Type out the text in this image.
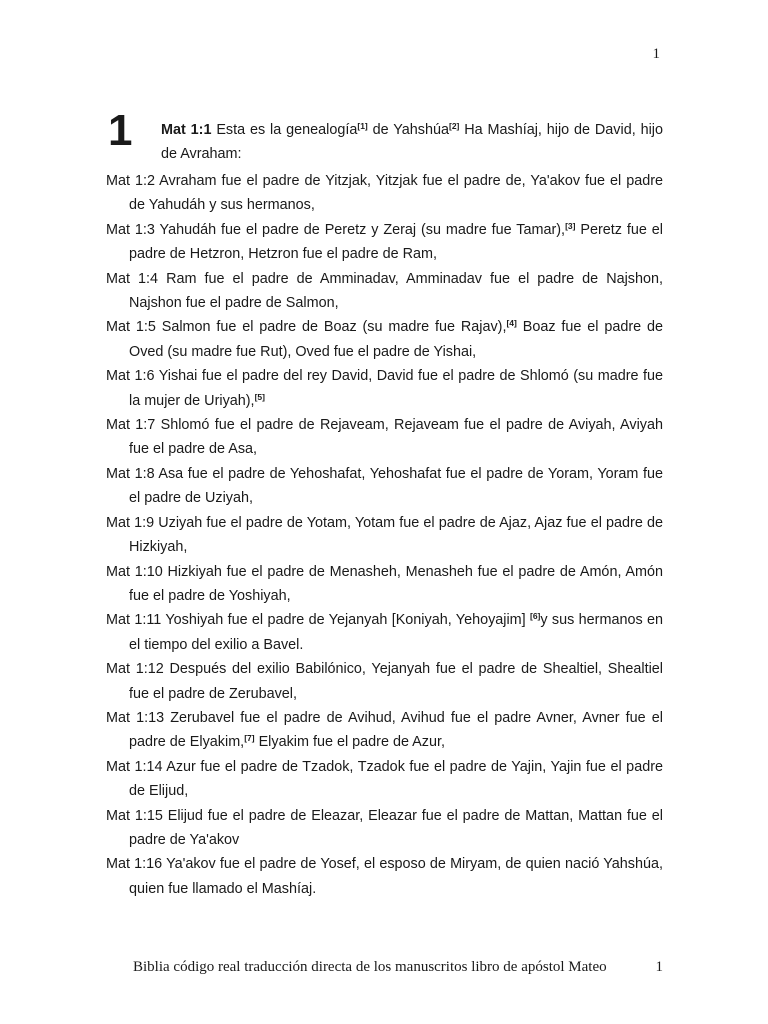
1
1	Mat 1:1 Esta es la genealogía[1] de Yahshúa[2] Ha Mashíaj, hijo de David, hijo de Avraham:

Mat 1:2 Avraham fue el padre de Yitzjak, Yitzjak fue el padre de, Ya'akov fue el padre de Yahudáh y sus hermanos,

Mat 1:3 Yahudáh fue el padre de Peretz y Zeraj (su madre fue Tamar),[3] Peretz fue el padre de Hetzron, Hetzron fue el padre de Ram,

Mat 1:4 Ram fue el padre de Amminadav, Amminadav fue el padre de Najshon, Najshon fue el padre de Salmon,

Mat 1:5 Salmon fue el padre de Boaz (su madre fue Rajav),[4] Boaz fue el padre de Oved (su madre fue Rut), Oved fue el padre de Yishai,

Mat 1:6 Yishai fue el padre del rey David, David fue el padre de Shlomó (su madre fue la mujer de Uriyah),[5]

Mat 1:7 Shlomó fue el padre de Rejaveam, Rejaveam fue el padre de Aviyah, Aviyah fue el padre de Asa,

Mat 1:8 Asa fue el padre de Yehoshafat, Yehoshafat fue el padre de Yoram, Yoram fue el padre de Uziyah,

Mat 1:9 Uziyah fue el padre de Yotam, Yotam fue el padre de Ajaz, Ajaz fue el padre de Hizkiyah,

Mat 1:10 Hizkiyah fue el padre de Menasheh, Menasheh fue el padre de Amón, Amón fue el padre de Yoshiyah,

Mat 1:11 Yoshiyah fue el padre de Yejanyah [Koniyah, Yehoyajim] [6]y sus hermanos en el tiempo del exilio a Bavel.

Mat 1:12 Después del exilio Babilónico, Yejanyah fue el padre de Shealtiel, Shealtiel fue el padre de Zerubavel,

Mat 1:13 Zerubavel fue el padre de Avihud, Avihud fue el padre Avner, Avner fue el padre de Elyakim,[7] Elyakim fue el padre de Azur,

Mat 1:14 Azur fue el padre de Tzadok, Tzadok fue el padre de Yajin, Yajin fue el padre de Elijud,

Mat 1:15 Elijud fue el padre de Eleazar, Eleazar fue el padre de Mattan, Mattan fue el padre de Ya'akov

Mat 1:16 Ya'akov fue el padre de Yosef, el esposo de Miryam, de quien nació Yahshúa, quien fue llamado el Mashíaj.

Biblia código real traducción directa de los manuscritos libro de apóstol Mateo	1
